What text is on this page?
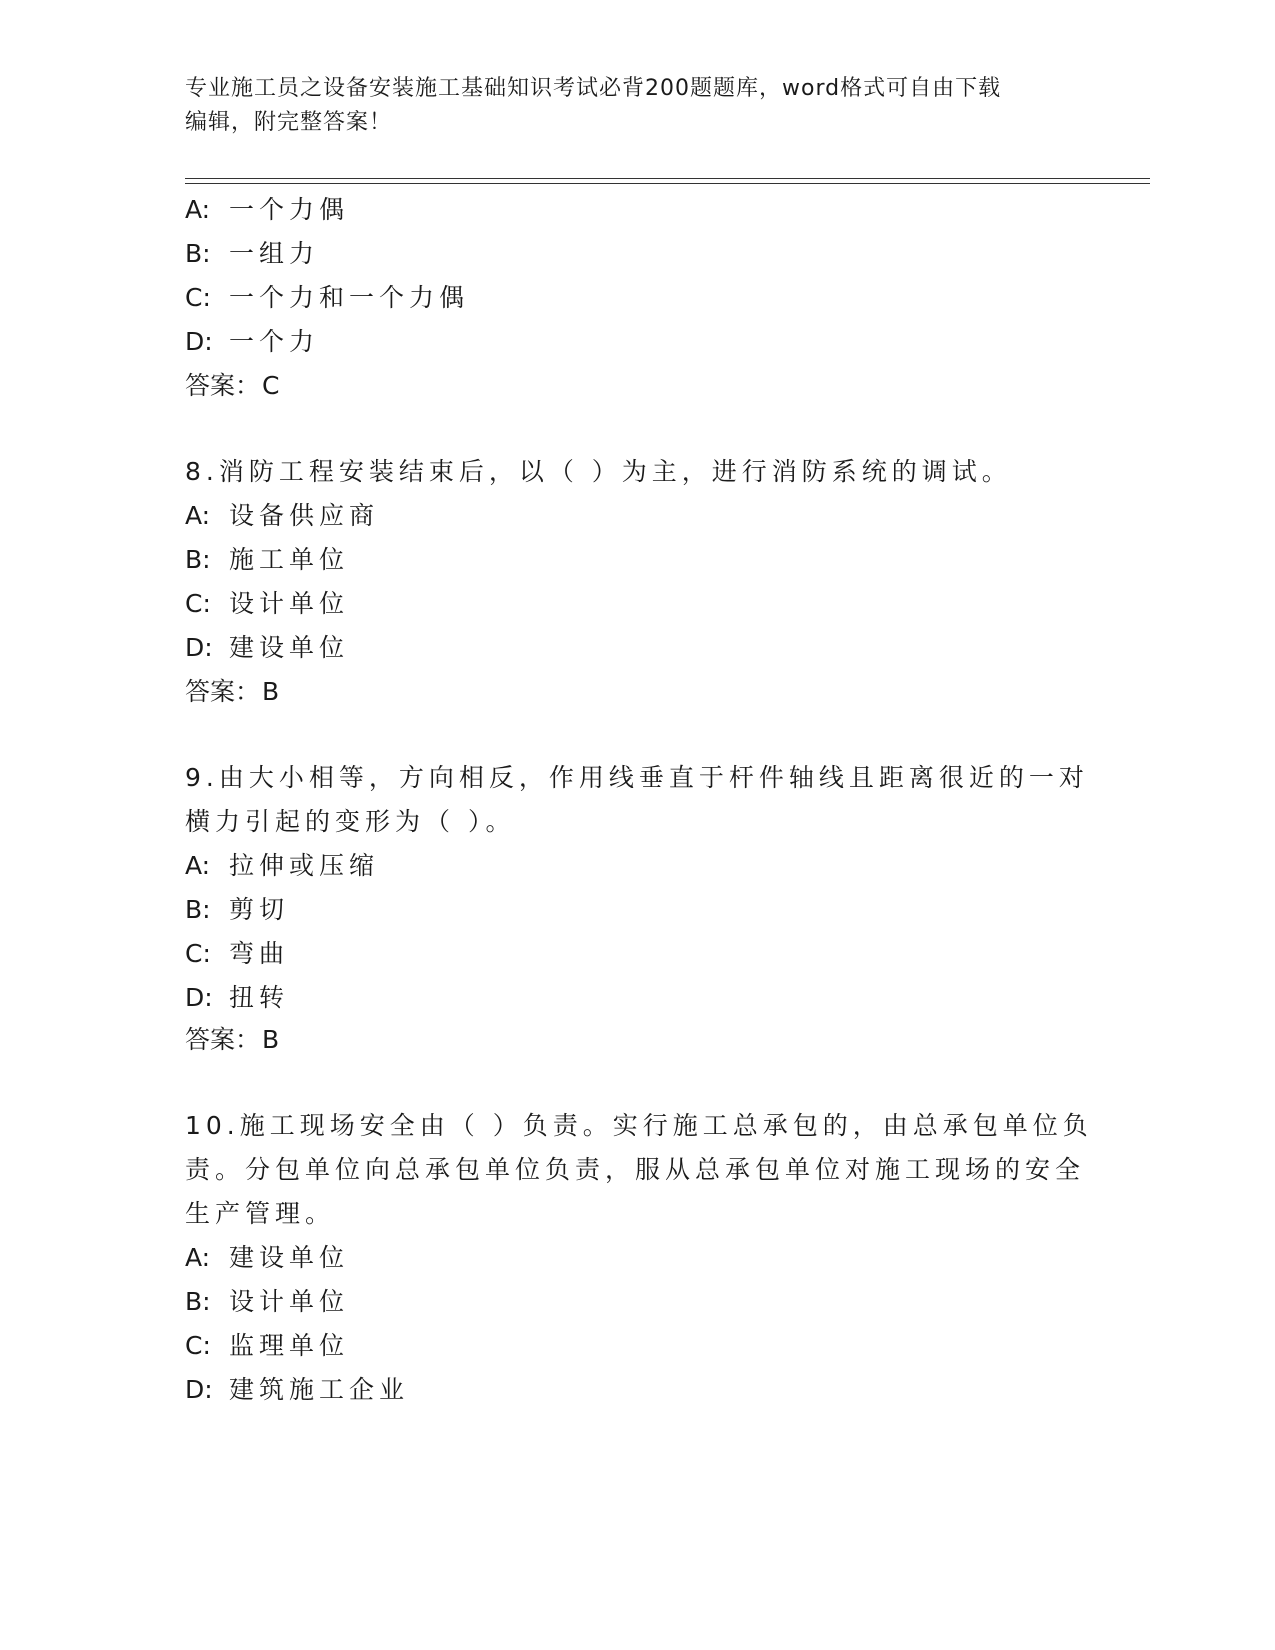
专业施工员之设备安装施工基础知识考试必背200题题库，word格式可自由下载
编辑，附完整答案！
A: 一个力偶
B: 一组力
C: 一个力和一个力偶
D: 一个力
答案：C
8.消防工程安装结束后，以（ ）为主，进行消防系统的调试。
A: 设备供应商
B: 施工单位
C: 设计单位
D: 建设单位
答案：B
9.由大小相等，方向相反，作用线垂直于杆件轴线且距离很近的一对
横力引起的变形为（ ）。
A: 拉伸或压缩
B: 剪切
C: 弯曲
D: 扭转
答案：B
10.施工现场安全由（ ）负责。实行施工总承包的，由总承包单位负
责。分包单位向总承包单位负责，服从总承包单位对施工现场的安全
生产管理。
A: 建设单位
B: 设计单位
C: 监理单位
D: 建筑施工企业
